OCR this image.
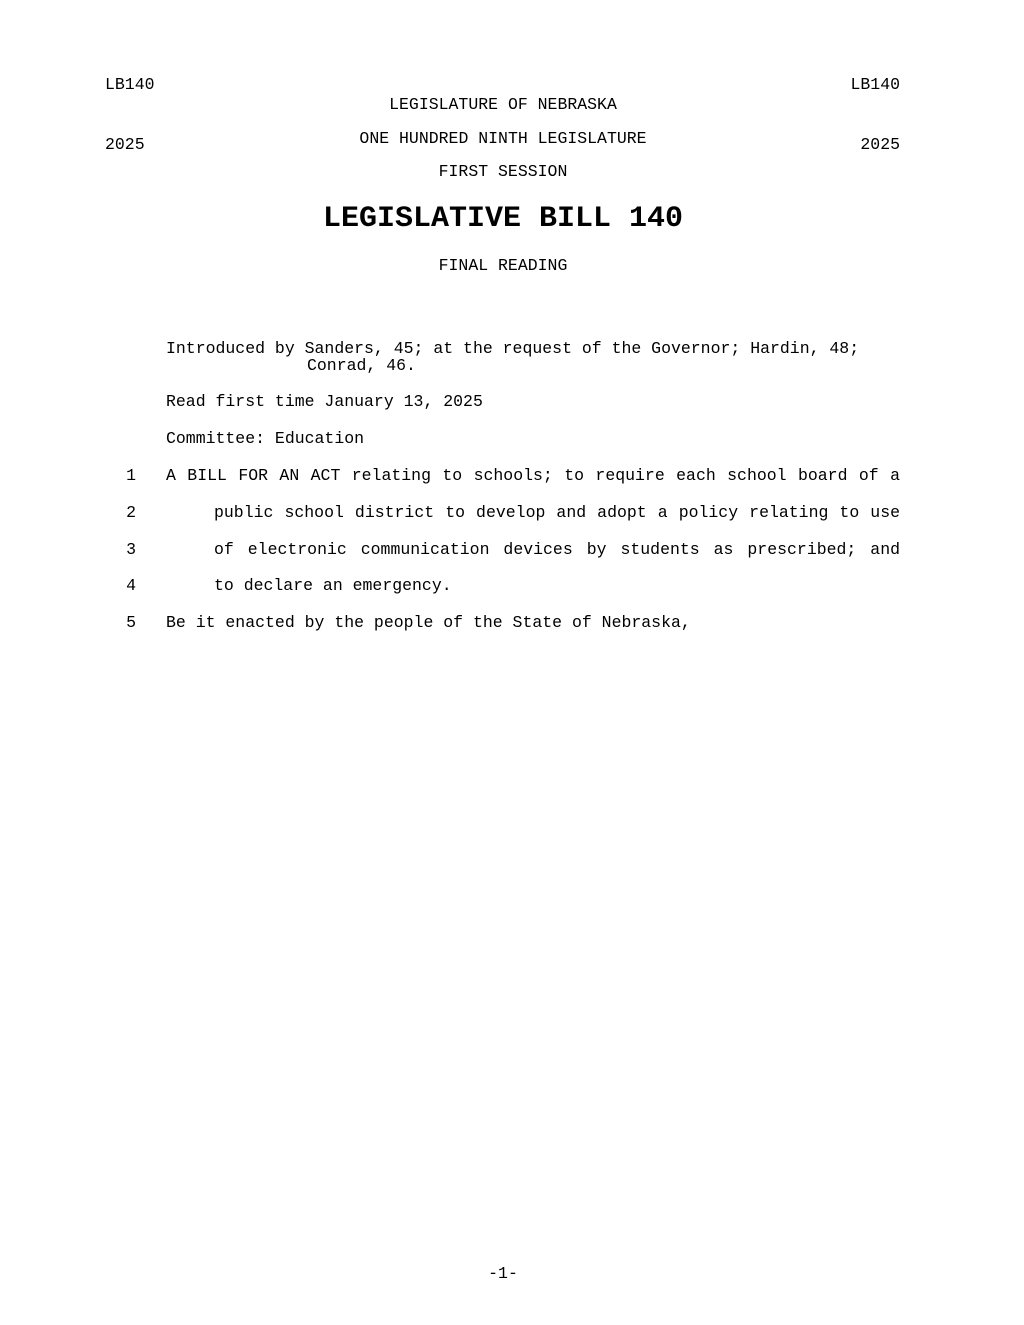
LB140

2025

LB140

2025

LEGISLATURE OF NEBRASKA
ONE HUNDRED NINTH LEGISLATURE
FIRST SESSION
LEGISLATIVE BILL 140
FINAL READING
Introduced by Sanders, 45; at the request of the Governor; Hardin, 48;
Conrad, 46.
Read first time January 13, 2025
Committee: Education
1 A BILL FOR AN ACT relating to schools; to require each school board of a
2	public school district to develop and adopt a policy relating to use
3	of electronic communication devices by students as prescribed; and
4	to declare an emergency.
5 Be it enacted by the people of the State of Nebraska,
-1-
